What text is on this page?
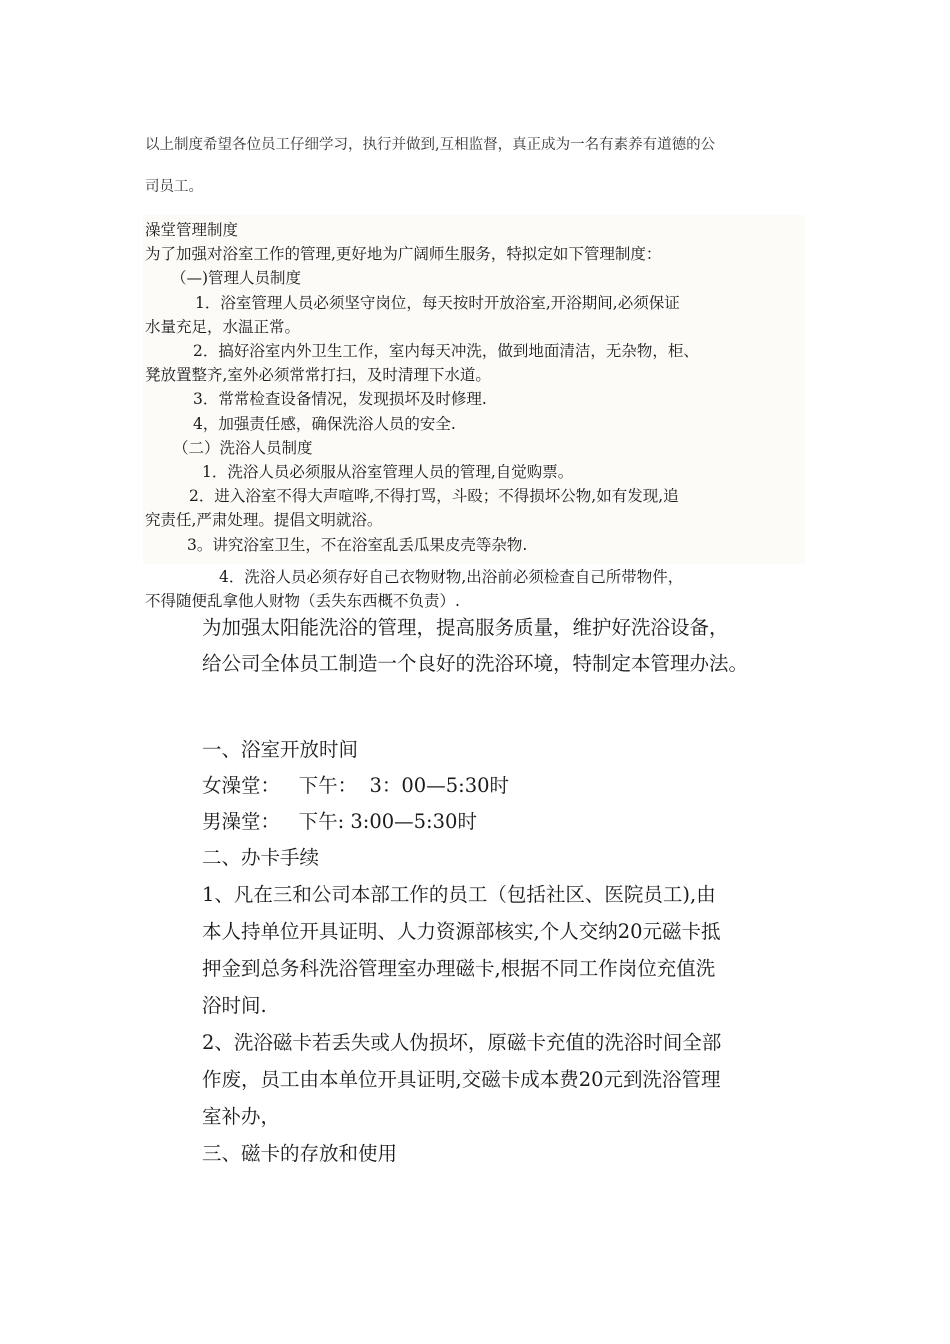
以上制度希望各位员工仔细学习，执行并做到,互相监督，真正成为一名有素养有道德的公

司员工。

澡堂管理制度

为了加强对浴室工作的管理,更好地为广阔师生服务，特拟定如下管理制度：

（—)管理人员制度

1．浴室管理人员必须坚守岗位，每天按时开放浴室,开浴期间,必须保证

水量充足，水温正常。

2．搞好浴室内外卫生工作，室内每天冲洗，做到地面清洁，无杂物，柜、

凳放置整齐,室外必须常常打扫，及时清理下水道。

3．常常检查设备情况，发现损坏及时修理.

4，加强责任感，确保洗浴人员的安全.

（二）洗浴人员制度

1．洗浴人员必须服从浴室管理人员的管理,自觉购票。

2．进入浴室不得大声喧哗,不得打骂，斗殴；不得损坏公物,如有发现,追

究责任,严肃处理。提倡文明就浴。

3。讲究浴室卫生，不在浴室乱丢瓜果皮壳等杂物.

4．洗浴人员必须存好自己衣物财物,出浴前必须检查自己所带物件，

不得随便乱拿他人财物（丢失东西概不负责）.

为加强太阳能洗浴的管理，提高服务质量，维护好洗浴设备，

给公司全体员工制造一个良好的洗浴环境，特制定本管理办法。

一、浴室开放时间

女澡堂：   下午：  3：00—5:30时

男澡堂：   下午: 3:00—5:30时

二、办卡手续

1、凡在三和公司本部工作的员工（包括社区、医院员工),由

本人持单位开具证明、人力资源部核实,个人交纳20元磁卡抵

押金到总务科洗浴管理室办理磁卡,根据不同工作岗位充值洗

浴时间.

2、洗浴磁卡若丢失或人伪损坏，原磁卡充值的洗浴时间全部

作废，员工由本单位开具证明,交磁卡成本费20元到洗浴管理

室补办，

三、磁卡的存放和使用
